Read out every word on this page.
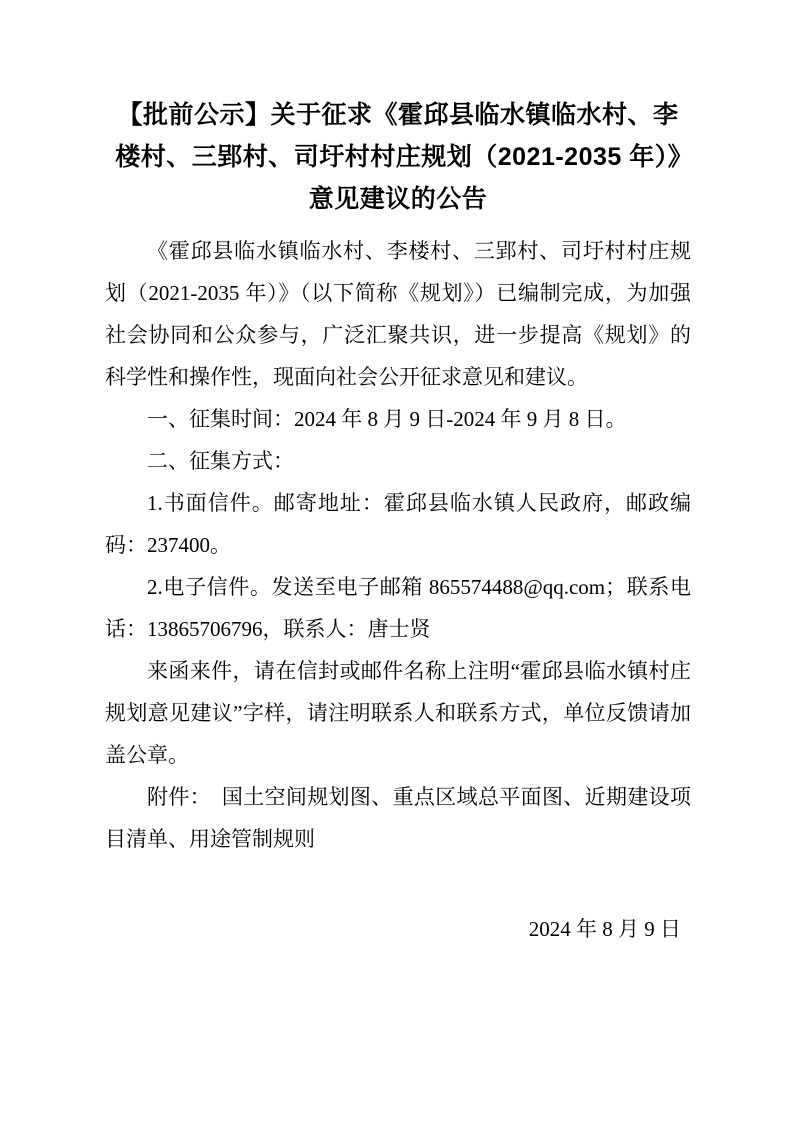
【批前公示】关于征求《霍邱县临水镇临水村、李楼村、三郢村、司圩村村庄规划（2021-2035 年）》意见建议的公告

《霍邱县临水镇临水村、李楼村、三郢村、司圩村村庄规划（2021-2035 年）》（以下简称《规划》）已编制完成，为加强社会协同和公众参与，广泛汇聚共识，进一步提高《规划》的科学性和操作性，现面向社会公开征求意见和建议。

一、征集时间：2024 年 8 月 9 日-2024 年 9 月 8 日。

二、征集方式：

1.书面信件。邮寄地址：霍邱县临水镇人民政府，邮政编码：237400。

2.电子信件。发送至电子邮箱 865574488@qq.com；联系电话：13865706796，联系人：唐士贤

来函来件，请在信封或邮件名称上注明“霍邱县临水镇村庄规划意见建议”字样，请注明联系人和联系方式，单位反馈请加盖公章。

附件：　国土空间规划图、重点区域总平面图、近期建设项目清单、用途管制规则

2024 年 8 月 9 日
